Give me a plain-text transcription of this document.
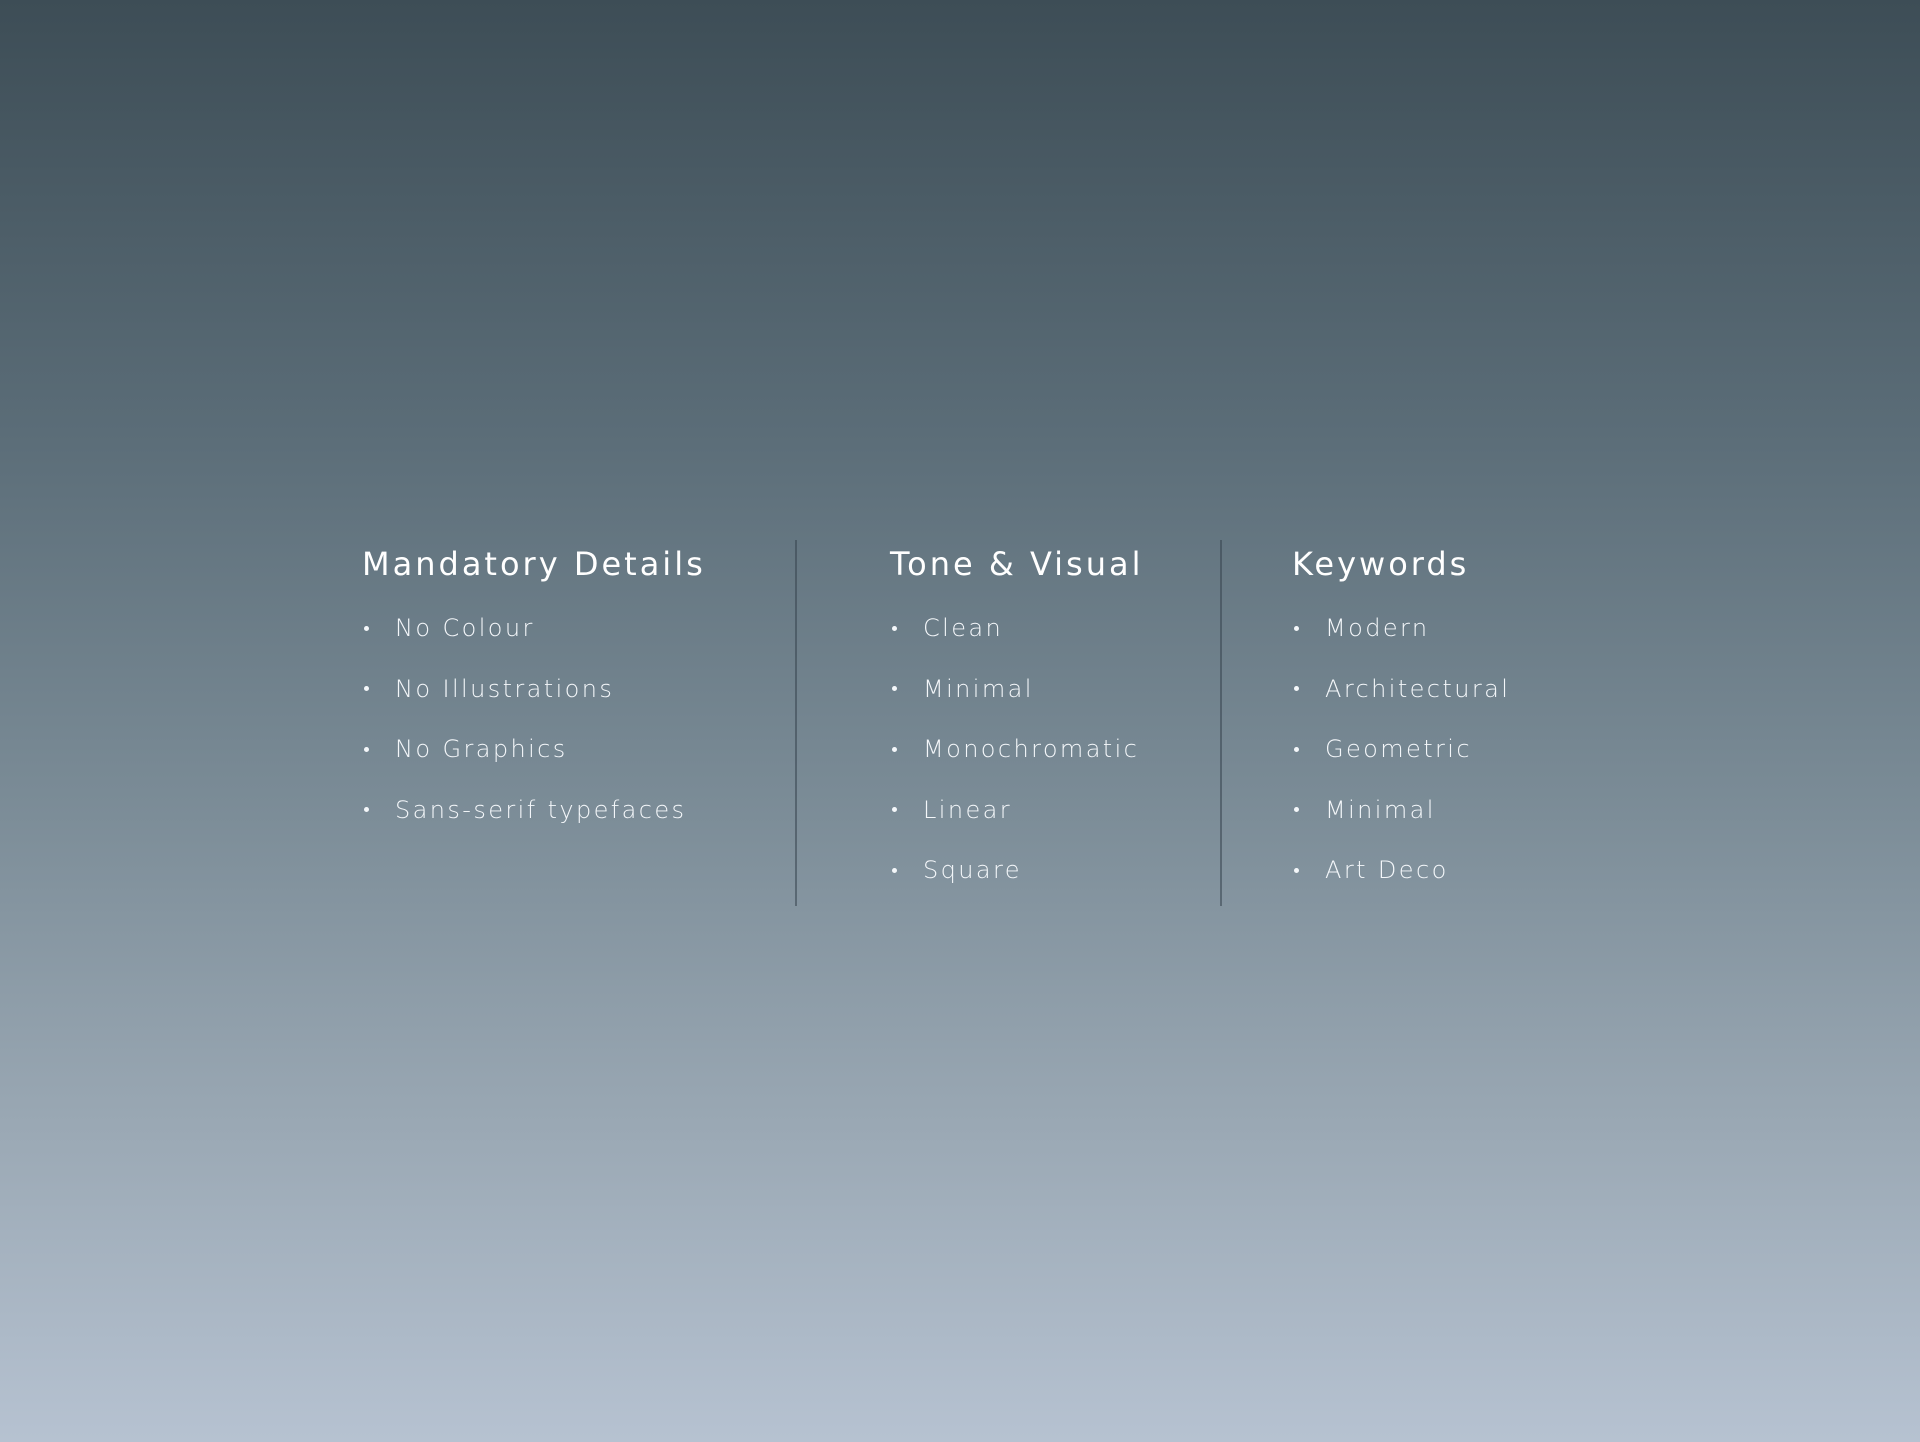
Mandatory Details
No Colour
No Illustrations
No Graphics
Sans-serif typefaces
Tone & Visual
Clean
Minimal
Monochromatic
Linear
Square
Keywords
Modern
Architectural
Geometric
Minimal
Art Deco
